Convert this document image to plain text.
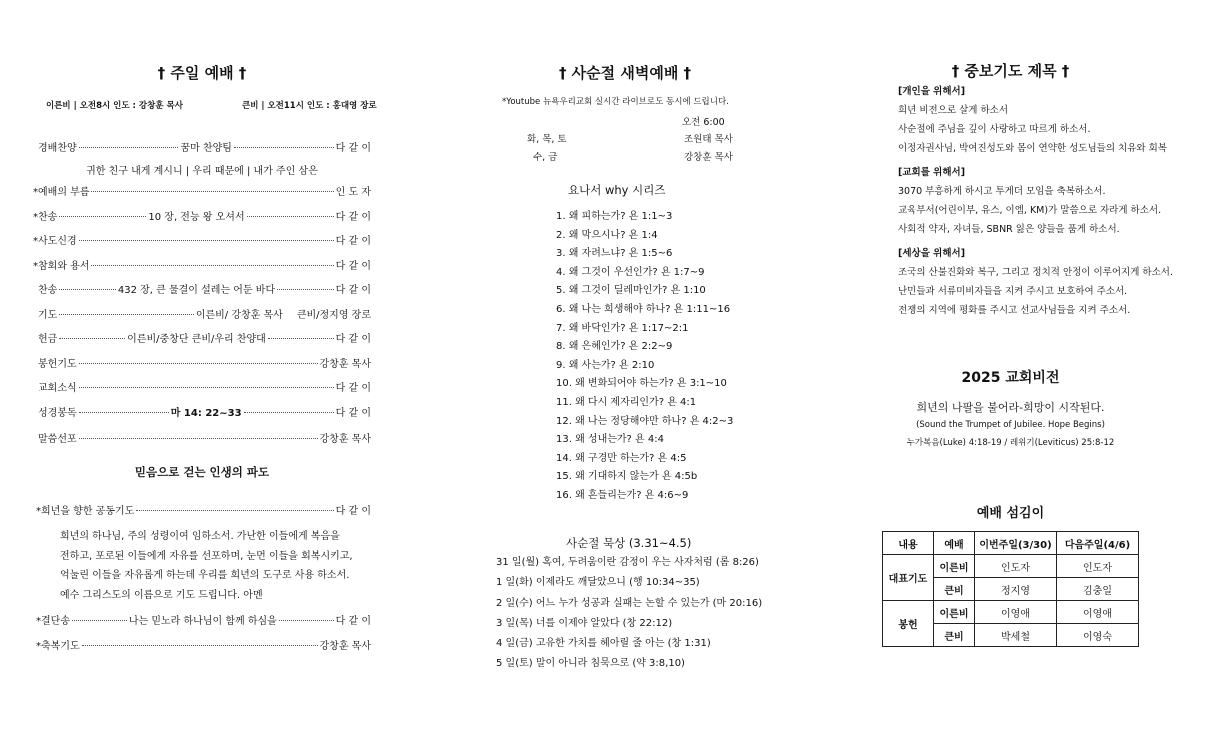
† 주일 예배 †
이른비 | 오전8시 인도 : 강창훈 목사	큰비 | 오전11시 인도 : 홍대영 장로
경배찬양	꿈마 찬양팀	다 같 이
귀한 친구 내게 계시니 | 우리 때문에 | 내가 주인 삼은
*예배의 부름	인 도 자
*찬송	10 장, 전능 왕 오셔서	다 같 이
*사도신경	다 같 이
*참회와 용서	다 같 이
찬송	432 장, 큰 물결이 설레는 어둔 바다	다 같 이
기도	이른비/ 강창훈 목사 큰비/정지영 장로
헌금	이른비/중창단 큰비/우리 찬양대	다 같 이
봉헌기도	강창훈 목사
교회소식	다 같 이
성경봉독	마 14: 22~33	다 같 이
말씀선포	강창훈 목사
믿음으로 걷는 인생의 파도
*희년을 향한 공동기도	다 같 이
희년의 하나님, 주의 성령이여 임하소서. 가난한 이들에게 복음을
전하고, 포로된 이들에게 자유를 선포하며, 눈먼 이들을 회복시키고,
억눌린 이들을 자유롭게 하는데 우리를 희년의 도구로 사용 하소서.
예수 그리스도의 이름으로 기도 드립니다. 아멘
*결단송	나는 믿노라 하나님이 함께 하심을	다 같 이
*축복기도	강창훈 목사
† 사순절 새벽예배 †
*Youtube 뉴욕우리교회 실시간 라이브로도 동시에 드립니다.
오전 6:00
화, 목, 토	조원태 목사
수, 금	강창훈 목사
요나서 why 시리즈
1. 왜 피하는가? 욘 1:1~3
2. 왜 막으시나? 욘 1:4
3. 왜 자려느냐? 욘 1:5~6
4. 왜 그것이 우선인가? 욘 1:7~9
5. 왜 그것이 딜레마인가? 욘 1:10
6. 왜 나는 희생해야 하나? 욘 1:11~16
7. 왜 바닥인가? 욘 1:17~2:1
8. 왜 은혜인가? 욘 2:2~9
9. 왜 사는가? 욘 2:10
10. 왜 변화되어야 하는가? 욘 3:1~10
11. 왜 다시 제자리인가? 욘 4:1
12. 왜 나는 정당해야만 하나? 욘 4:2~3
13. 왜 성내는가? 욘 4:4
14. 왜 구경만 하는가? 욘 4:5
15. 왜 기대하지 않는가 욘 4:5b
16. 왜 흔들리는가? 욘 4:6~9
사순절 묵상 (3.31~4.5)
31 일(월) 혹여, 두려움이란 감정이 우는 사자처럼 (롬 8:26)
1 일(화) 이제라도 깨달았으니 (행 10:34~35)
2 일(수) 어느 누가 성공과 실패는 논할 수 있는가 (마 20:16)
3 일(목) 너를 이제야 알았다 (창 22:12)
4 일(금) 고유한 가치를 헤아릴 줄 아는 (창 1:31)
5 일(토) 말이 아니라 침묵으로 (약 3:8,10)
† 중보기도 제목 †
[개인을 위해서]
희년 비전으로 살게 하소서
사순절에 주님을 깊이 사랑하고 따르게 하소서.
이정자권사님, 박여진성도와 몸이 연약한 성도님들의 치유와 회복
[교회를 위해서]
3070 부흥하게 하시고 투게더 모임을 축복하소서.
교육부서(어린이부, 유스, 이엠, KM)가 말씀으로 자라게 하소서.
사회적 약자, 자녀들, SBNR 잃은 양들을 품게 하소서.
[세상을 위해서]
조국의 산불진화와 복구, 그리고 정치적 안정이 이루어지게 하소서.
난민들과 서류미비자들을 지켜 주시고 보호하여 주소서.
전쟁의 지역에 평화를 주시고 선교사님들을 지켜 주소서.
2025 교회비전
희년의 나팔을 불어라-희망이 시작된다.
(Sound the Trumpet of Jubilee. Hope Begins)
누가복음(Luke) 4:18-19 / 레위기(Leviticus) 25:8-12
예배 섬김이
내용	예배	이번주일(3/30)	다음주일(4/6)
대표기도	이른비	인도자	인도자
	큰비	정지영	김충일
봉헌	이른비	이영애	이영애
	큰비	박세철	이영숙
